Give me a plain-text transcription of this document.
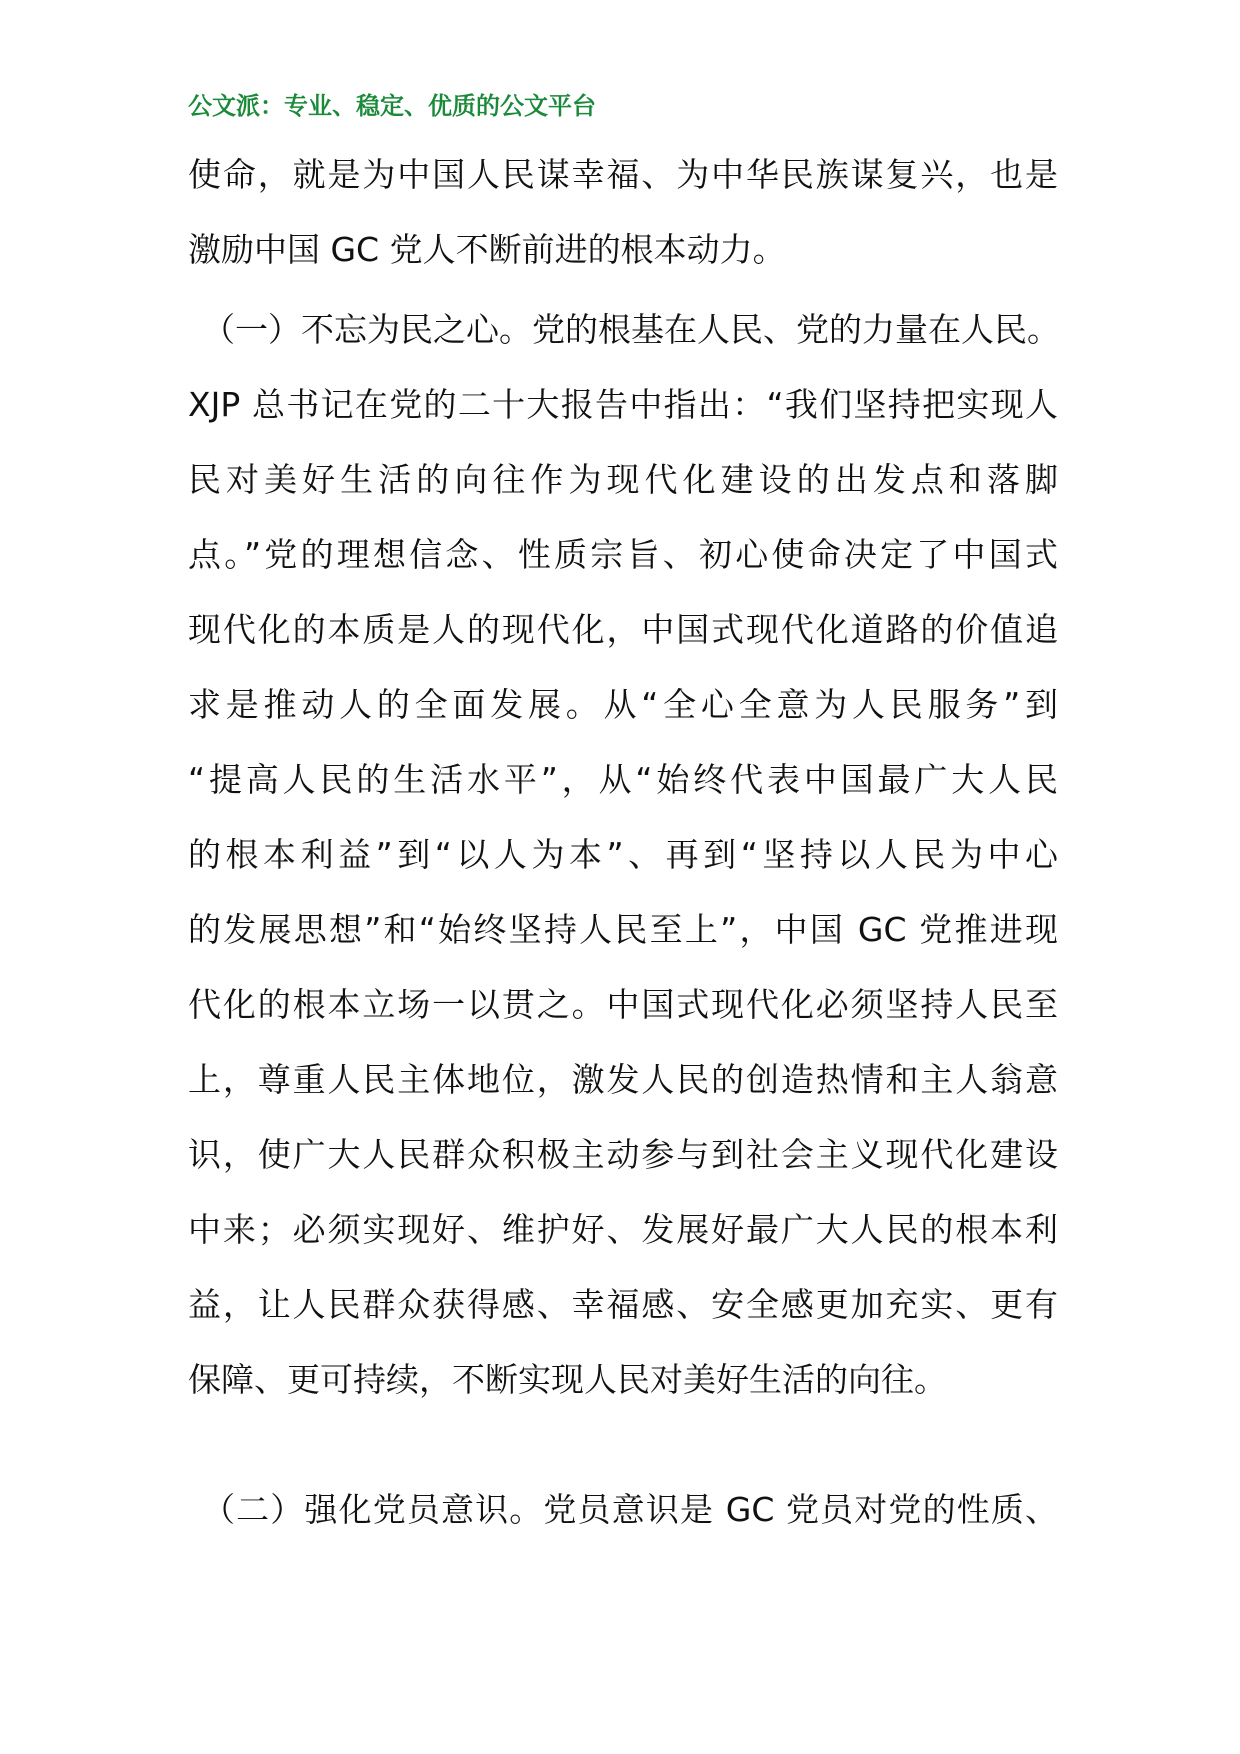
公文派：专业、稳定、优质的公文平台
使命，就是为中国人民谋幸福、为中华民族谋复兴，也是
激励中国 GC 党人不断前进的根本动力。
（一）不忘为民之心。党的根基在人民、党的力量在人民。
XJP 总书记在党的二十大报告中指出：“我们坚持把实现人
民对美好生活的向往作为现代化建设的出发点和落脚
点。”党的理想信念、性质宗旨、初心使命决定了中国式
现代化的本质是人的现代化，中国式现代化道路的价值追
求是推动人的全面发展。从“全心全意为人民服务”到
“提高人民的生活水平”，从“始终代表中国最广大人民
的根本利益”到“以人为本”、再到“坚持以人民为中心
的发展思想”和“始终坚持人民至上”，中国 GC 党推进现
代化的根本立场一以贯之。中国式现代化必须坚持人民至
上，尊重人民主体地位，激发人民的创造热情和主人翁意
识，使广大人民群众积极主动参与到社会主义现代化建设
中来；必须实现好、维护好、发展好最广大人民的根本利
益，让人民群众获得感、幸福感、安全感更加充实、更有
保障、更可持续，不断实现人民对美好生活的向往。
（二）强化党员意识。党员意识是 GC 党员对党的性质、
